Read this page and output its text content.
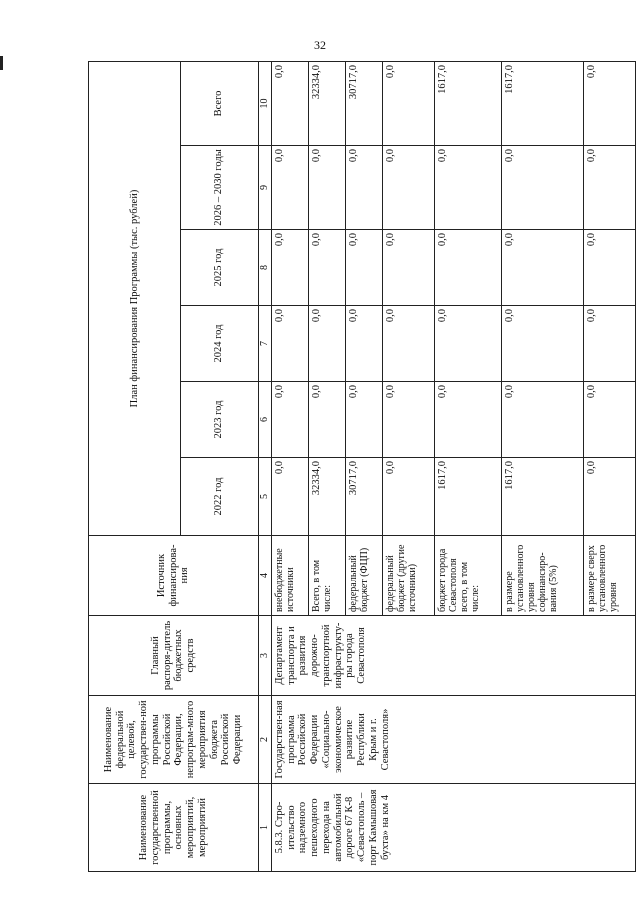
32
Наименование государственной программы, основных мероприятий, мероприятий	Наименование федеральной целевой, государствен-ной программы Российской Федерации, непрограм-много мероприятия бюджета Российской Федерации	Главный распоря-дитель бюджетных средств	Источник финансирова-ния	План финансирования Программы (тыс. рублей)					
				2022 год	2023 год	2024 год	2025 год	2026 – 2030 годы	Всего
1	2	3	4	5	6	7	8	9	10
5.8.3. Стро-ительство надземного пешеходного перехода на автомобильной дороге 67 К-8 «Севастополь – порт Камышовая бухта» на км 4	Государствен-ная программа Российской Федерации «Социально-экономическое развитие Республики Крым и г. Севастополя»	Департамент транспорта и развития дорожно-транспортной инфраструкту-ры города Севастополя	внебюджетные источники	0,0	0,0	0,0	0,0	0,0	0,0
			Всего, в том числе:	32334,0	0,0	0,0	0,0	0,0	32334,0
			федеральный бюджет (ФЦП)	30717,0	0,0	0,0	0,0	0,0	30717,0
			федеральный бюджет (другие источники)	0,0	0,0	0,0	0,0	0,0	0,0
			бюджет города Севастополя всего, в том числе:	1617,0	0,0	0,0	0,0	0,0	1617,0
			в размере установленного уровня софинансиро-вания (5%)	1617,0	0,0	0,0	0,0	0,0	1617,0
			в размере сверх установленного уровня	0,0	0,0	0,0	0,0	0,0	0,0
